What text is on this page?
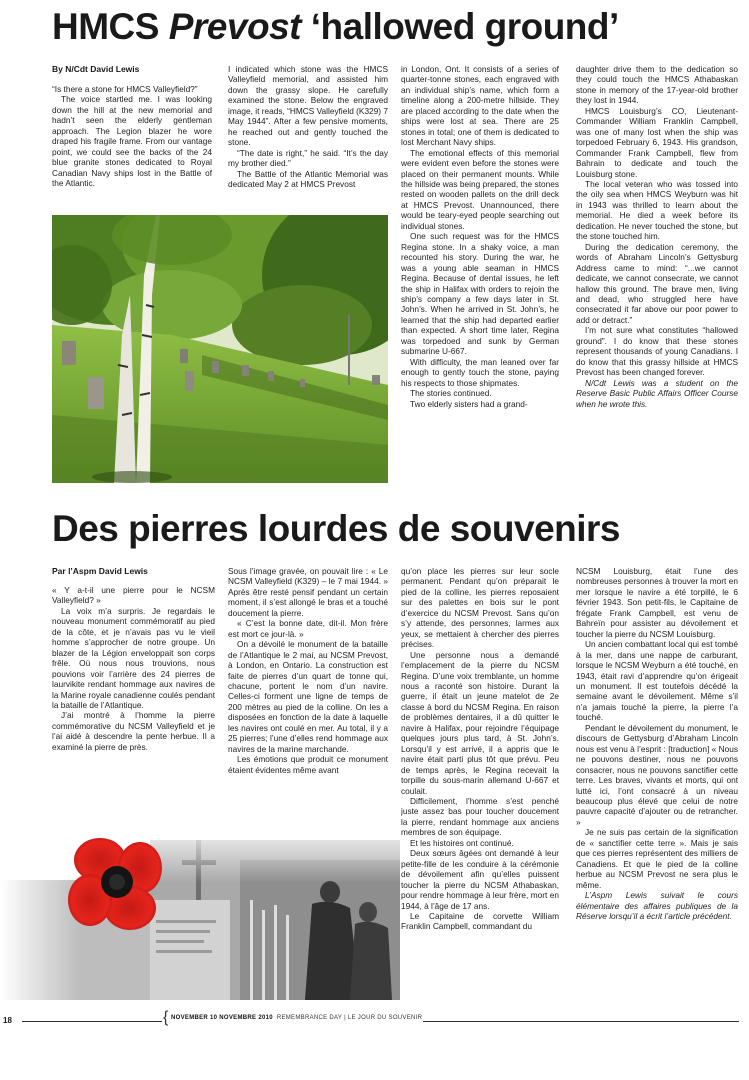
HMCS Prevost ‘hallowed ground’
By N/Cdt David Lewis

“Is there a stone for HMCS Valleyfield?”

The voice startled me. I was looking down the hill at the new memorial and hadn’t seen the elderly gentleman approach. The Legion blazer he wore draped his fragile frame. From our vantage point, we could see the backs of the 24 blue granite stones dedicated to Royal Canadian Navy ships lost in the Battle of the Atlantic.

I indicated which stone was the HMCS Valleyfield memorial, and assisted him down the grassy slope. He carefully examined the stone. Below the engraved image, it reads, “HMCS Valleyfield (K329) 7 May 1944”. After a few pensive moments, he reached out and gently touched the stone.

“The date is right,” he said. “It’s the day my brother died.”

The Battle of the Atlantic Memorial was dedicated May 2 at HMCS Prevost

in London, Ont. It consists of a series of quarter-tonne stones, each engraved with an individual ship’s name, which form a timeline along a 200-metre hillside. They are placed according to the date when the ships were lost at sea. There are 25 stones in total; one of them is dedicated to lost Merchant Navy ships.

The emotional effects of this memorial were evident even before the stones were placed on their permanent mounts. While the hillside was being prepared, the stones rested on wooden pallets on the drill deck at HMCS Prevost. Unannounced, there would be teary-eyed people searching out individual stones.

One such request was for the HMCS Regina stone. In a shaky voice, a man recounted his story. During the war, he was a young able seaman in HMCS Regina. Because of dental issues, he left the ship in Halifax with orders to rejoin the ship’s company a few days later in St. John’s. When he arrived in St. John’s, he learned that the ship had departed earlier than expected. A short time later, Regina was torpedoed and sunk by German submarine U-667.

With difficulty, the man leaned over far enough to gently touch the stone, paying his respects to those shipmates.

The stories continued.

Two elderly sisters had a grand-

daughter drive them to the dedication so they could touch the HMCS Athabaskan stone in memory of the 17-year-old brother they lost in 1944.

HMCS Louisburg’s CO, Lieutenant-Commander William Franklin Campbell, was one of many lost when the ship was torpedoed February 6, 1943. His grandson, Commander Frank Campbell, flew from Bahrain to dedicate and touch the Louisburg stone.

The local veteran who was tossed into the oily sea when HMCS Weyburn was hit in 1943 was thrilled to learn about the memorial. He died a week before its dedication. He never touched the stone, but the stone touched him.

During the dedication ceremony, the words of Abraham Lincoln’s Gettysburg Address came to mind: “...we cannot dedicate, we cannot consecrate, we cannot hallow this ground. The brave men, living and dead, who struggled here have consecrated it far above our poor power to add or detract.”

I’m not sure what constitutes “hallowed ground”. I do know that these stones represent thousands of young Canadians. I do know that this grassy hillside at HMCS Prevost has been changed forever.

N/Cdt Lewis was a student on the Reserve Basic Public Affairs Officer Course when he wrote this.

Des pierres lourdes de souvenirs
Par l’Aspm David Lewis

« Y a-t-il une pierre pour le NCSM Valleyfield? »

La voix m’a surpris. Je regardais le nouveau monument commémoratif au pied de la côte, et je n’avais pas vu le vieil homme s’approcher de notre groupe. Un blazer de la Légion enveloppait son corps frêle. Où nous nous trouvions, nous pouvions voir l’arrière des 24 pierres de laurvikite rendant hommage aux navires de la Marine royale canadienne coulés pendant la bataille de l’Atlantique.

J’ai montré à l’homme la pierre commémorative du NCSM Valleyfield et je l’ai aidé à descendre la pente herbue. Il a examiné la pierre de près.

Sous l’image gravée, on pouvait lire : « Le NCSM Valleyfield (K329) – le 7 mai 1944. » Après être resté pensif pendant un certain moment, il s’est allongé le bras et a touché doucement la pierre.

« C’est la bonne date, dit-il. Mon frère est mort ce jour-là. »

On a dévoilé le monument de la bataille de l’Atlantique le 2 mai, au NCSM Prevost, à London, en Ontario. La construction est faite de pierres d’un quart de tonne qui, chacune, portent le nom d’un navire. Celles-ci forment une ligne de temps de 200 mètres au pied de la colline. On les a disposées en fonction de la date à laquelle les navires ont coulé en mer. Au total, il y a 25 pierres; l’une d’elles rend hommage aux navires de la marine marchande.

Les émotions que produit ce monument étaient évidentes même avant

qu’on place les pierres sur leur socle permanent. Pendant qu’on préparait le pied de la colline, les pierres reposaient sur des palettes en bois sur le pont d’exercice du NCSM Prevost. Sans qu’on s’y attende, des personnes, larmes aux yeux, se mettaient à chercher des pierres précises.

Une personne nous a demandé l’emplacement de la pierre du NCSM Regina. D’une voix tremblante, un homme nous a raconté son histoire. Durant la guerre, il était un jeune matelot de 2e classe à bord du NCSM Regina. En raison de problèmes dentaires, il a dû quitter le navire à Halifax, pour rejoindre l’équipage quelques jours plus tard, à St. John’s. Lorsqu’il y est arrivé, il a appris que le navire était parti plus tôt que prévu. Peu de temps après, le Regina recevait la torpille du sous-marin allemand U-667 et coulait.

Difficilement, l’homme s’est penché juste assez bas pour toucher doucement la pierre, rendant hommage aux anciens membres de son équipage.

Et les histoires ont continué.

Deux sœurs âgées ont demandé à leur petite-fille de les conduire à la cérémonie de dévoilement afin qu’elles puissent toucher la pierre du NCSM Athabaskan, pour rendre hommage à leur frère, mort en 1944, à l’âge de 17 ans.

Le Capitaine de corvette William Franklin Campbell, commandant du

NCSM Louisburg, était l’une des nombreuses personnes à trouver la mort en mer lorsque le navire a été torpillé, le 6 février 1943. Son petit-fils, le Capitaine de frégate Frank Campbell, est venu de Bahreïn pour assister au dévoilement et toucher la pierre du NCSM Louisburg.

Un ancien combattant local qui est tombé à la mer, dans une nappe de carburant, lorsque le NCSM Weyburn a été touché, en 1943, était ravi d’apprendre qu’on érigeait un monument. Il est toutefois décédé la semaine avant le dévoilement. Même s’il n’a jamais touché la pierre, la pierre l’a touché.

Pendant le dévoilement du monument, le discours de Gettysburg d’Abraham Lincoln nous est venu à l’esprit : [traduction] « Nous ne pouvons destiner, nous ne pouvons consacrer, nous ne pouvons sanctifier cette terre. Les braves, vivants et morts, qui ont lutté ici, l’ont consacré à un niveau beaucoup plus élevé que celui de notre pauvre capacité d’ajouter ou de retrancher. »

Je ne suis pas certain de la signification de « sanctifier cette terre ». Mais je sais que ces pierres représentent des milliers de Canadiens. Et que le pied de la colline herbue au NCSM Prevost ne sera plus le même.

L’Aspm Lewis suivait le cours élémentaire des affaires publiques de la Réserve lorsqu’il a écrit l’article précédent.

18	{ NOVEMBER 10 NOVEMBRE 2010 REMEMBRANCE DAY | LE JOUR DU SOUVENIR
